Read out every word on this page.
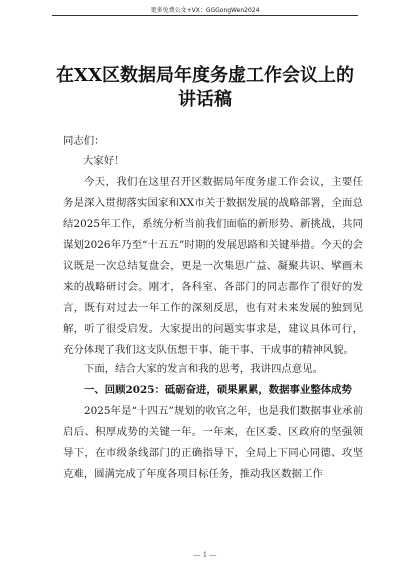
更多免费公文+VX：GGGongWen2024
在XX区数据局年度务虚工作会议上的讲话稿
同志们：
大家好！
今天，我们在这里召开区数据局年度务虚工作会议，主要任务是深入贯彻落实国家和XX市关于数据发展的战略部署，全面总结2025年工作，系统分析当前我们面临的新形势、新挑战，共同谋划2026年乃至“十五五”时期的发展思路和关键举措。今天的会议既是一次总结复盘会，更是一次集思广益、凝聚共识、擘画未来的战略研讨会。刚才，各科室、各部门的同志都作了很好的发言，既有对过去一年工作的深刻反思，也有对未来发展的独到见解，听了很受启发。大家提出的问题实事求是，建议具体可行，充分体现了我们这支队伍想干事、能干事、干成事的精神风貌。
下面，结合大家的发言和我的思考，我讲四点意见。
一、回顾2025：砥砺奋进，硕果累累，数据事业整体成势
2025年是“十四五”规划的收官之年，也是我们数据事业承前启后、积厚成势的关键一年。一年来，在区委、区政府的坚强领导下，在市级条线部门的正确指导下，全局上下同心同德、攻坚克难，圆满完成了年度各项目标任务，推动我区数据工作
— 1 —
